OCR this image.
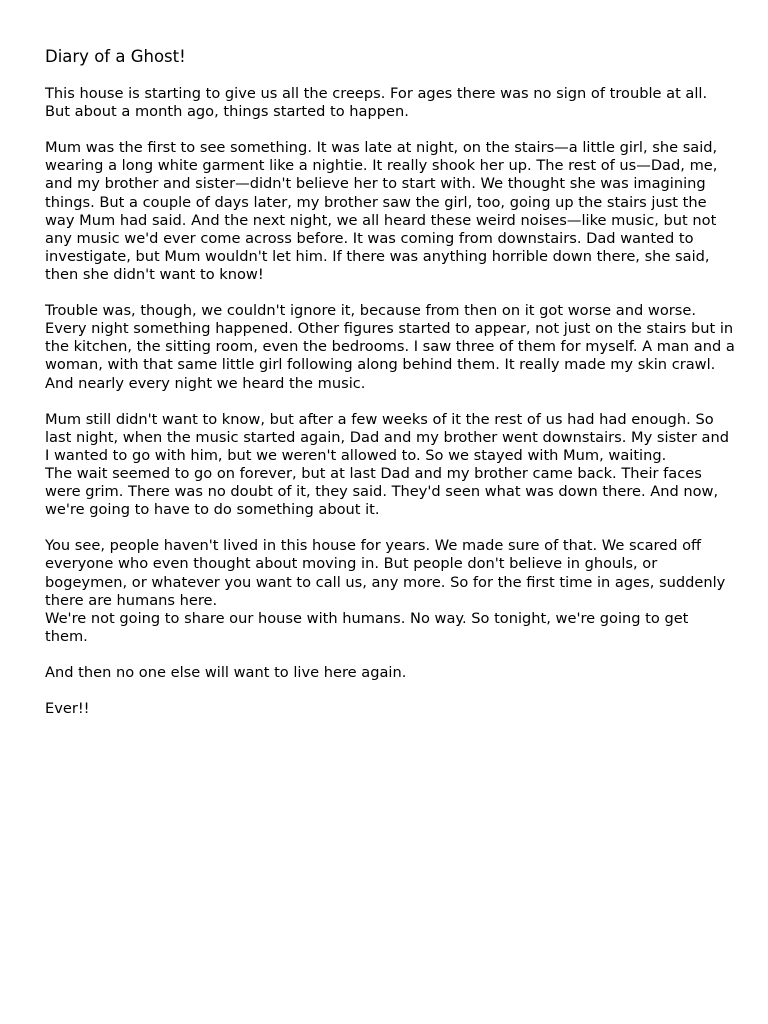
Diary of a Ghost!

This house is starting to give us all the creeps. For ages there was no sign of trouble at all. But about a month ago, things started to happen.

Mum was the first to see something. It was late at night, on the stairs—a little girl, she said, wearing a long white garment like a nightie. It really shook her up. The rest of us—Dad, me, and my brother and sister—didn't believe her to start with. We thought she was imagining things. But a couple of days later, my brother saw the girl, too, going up the stairs just the way Mum had said. And the next night, we all heard these weird noises—like music, but not any music we'd ever come across before. It was coming from downstairs. Dad wanted to investigate, but Mum wouldn't let him. If there was anything horrible down there, she said, then she didn't want to know!

Trouble was, though, we couldn't ignore it, because from then on it got worse and worse. Every night something happened. Other figures started to appear, not just on the stairs but in the kitchen, the sitting room, even the bedrooms. I saw three of them for myself. A man and a woman, with that same little girl following along behind them. It really made my skin crawl. And nearly every night we heard the music.

Mum still didn't want to know, but after a few weeks of it the rest of us had had enough. So last night, when the music started again, Dad and my brother went downstairs. My sister and I wanted to go with him, but we weren't allowed to. So we stayed with Mum, waiting.

The wait seemed to go on forever, but at last Dad and my brother came back. Their faces were grim. There was no doubt of it, they said. They'd seen what was down there. And now, we're going to have to do something about it.

You see, people haven't lived in this house for years. We made sure of that. We scared off everyone who even thought about moving in. But people don't believe in ghouls, or bogeymen, or whatever you want to call us, any more. So for the first time in ages, suddenly there are humans here.

We're not going to share our house with humans. No way. So tonight, we're going to get them.

And then no one else will want to live here again.

Ever!!
